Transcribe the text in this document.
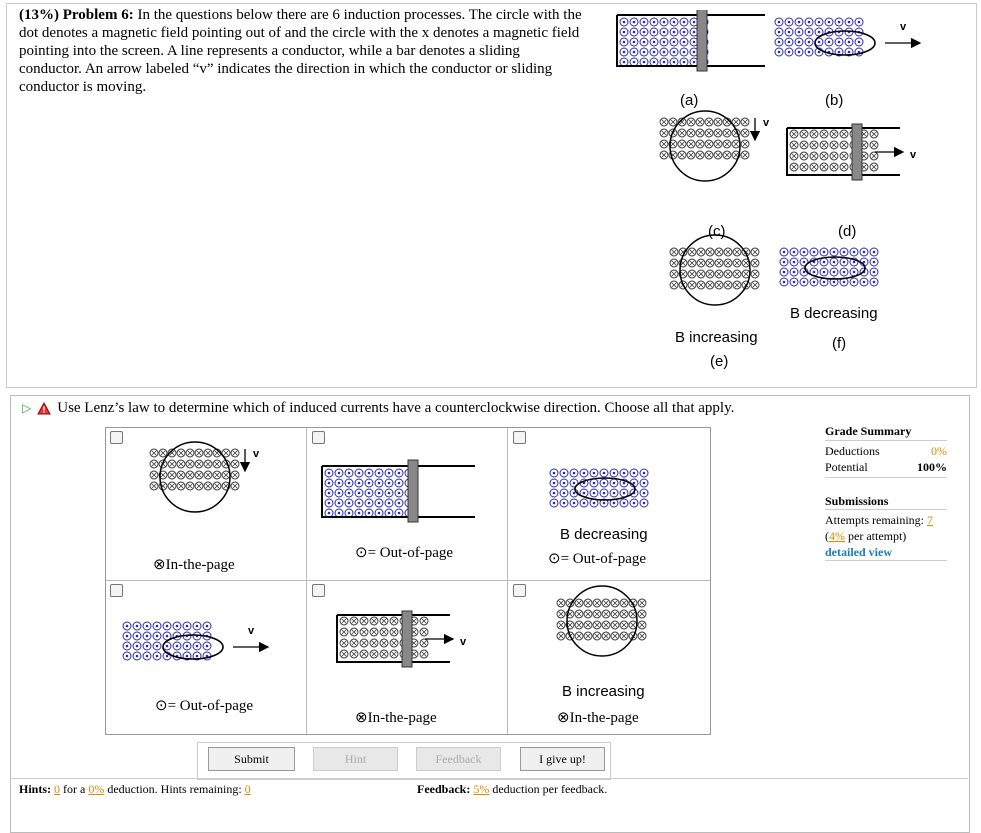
(13%) Problem 6: In the questions below there are 6 induction processes. The circle with the dot denotes a magnetic field pointing out of and the circle with the x denotes a magnetic field pointing into the screen. A line represents a conductor, while a bar denotes a sliding conductor. An arrow labeled “v” indicates the direction in which the conductor or sliding conductor is moving.
v
v
v
(a)	(b)
(c)	(d)
B increasing
(e)
B decreasing
(f)
▷ Use Lenz’s law to determine which of induced currents have a counterclockwise direction. Choose all that apply.
v
v
v
⊗In-the-page
⊙= Out-of-page
B decreasing
⊙= Out-of-page
⊙= Out-of-page
⊗In-the-page
B increasing
⊗In-the-page
Submit	Hint	Feedback	I give up!
Hints: 0 for a 0% deduction. Hints remaining: 0	Feedback: 5% deduction per feedback.
Grade Summary
Deductions	0%
Potential	100%
Submissions
Attempts remaining: 7
(4% per attempt)
detailed view
